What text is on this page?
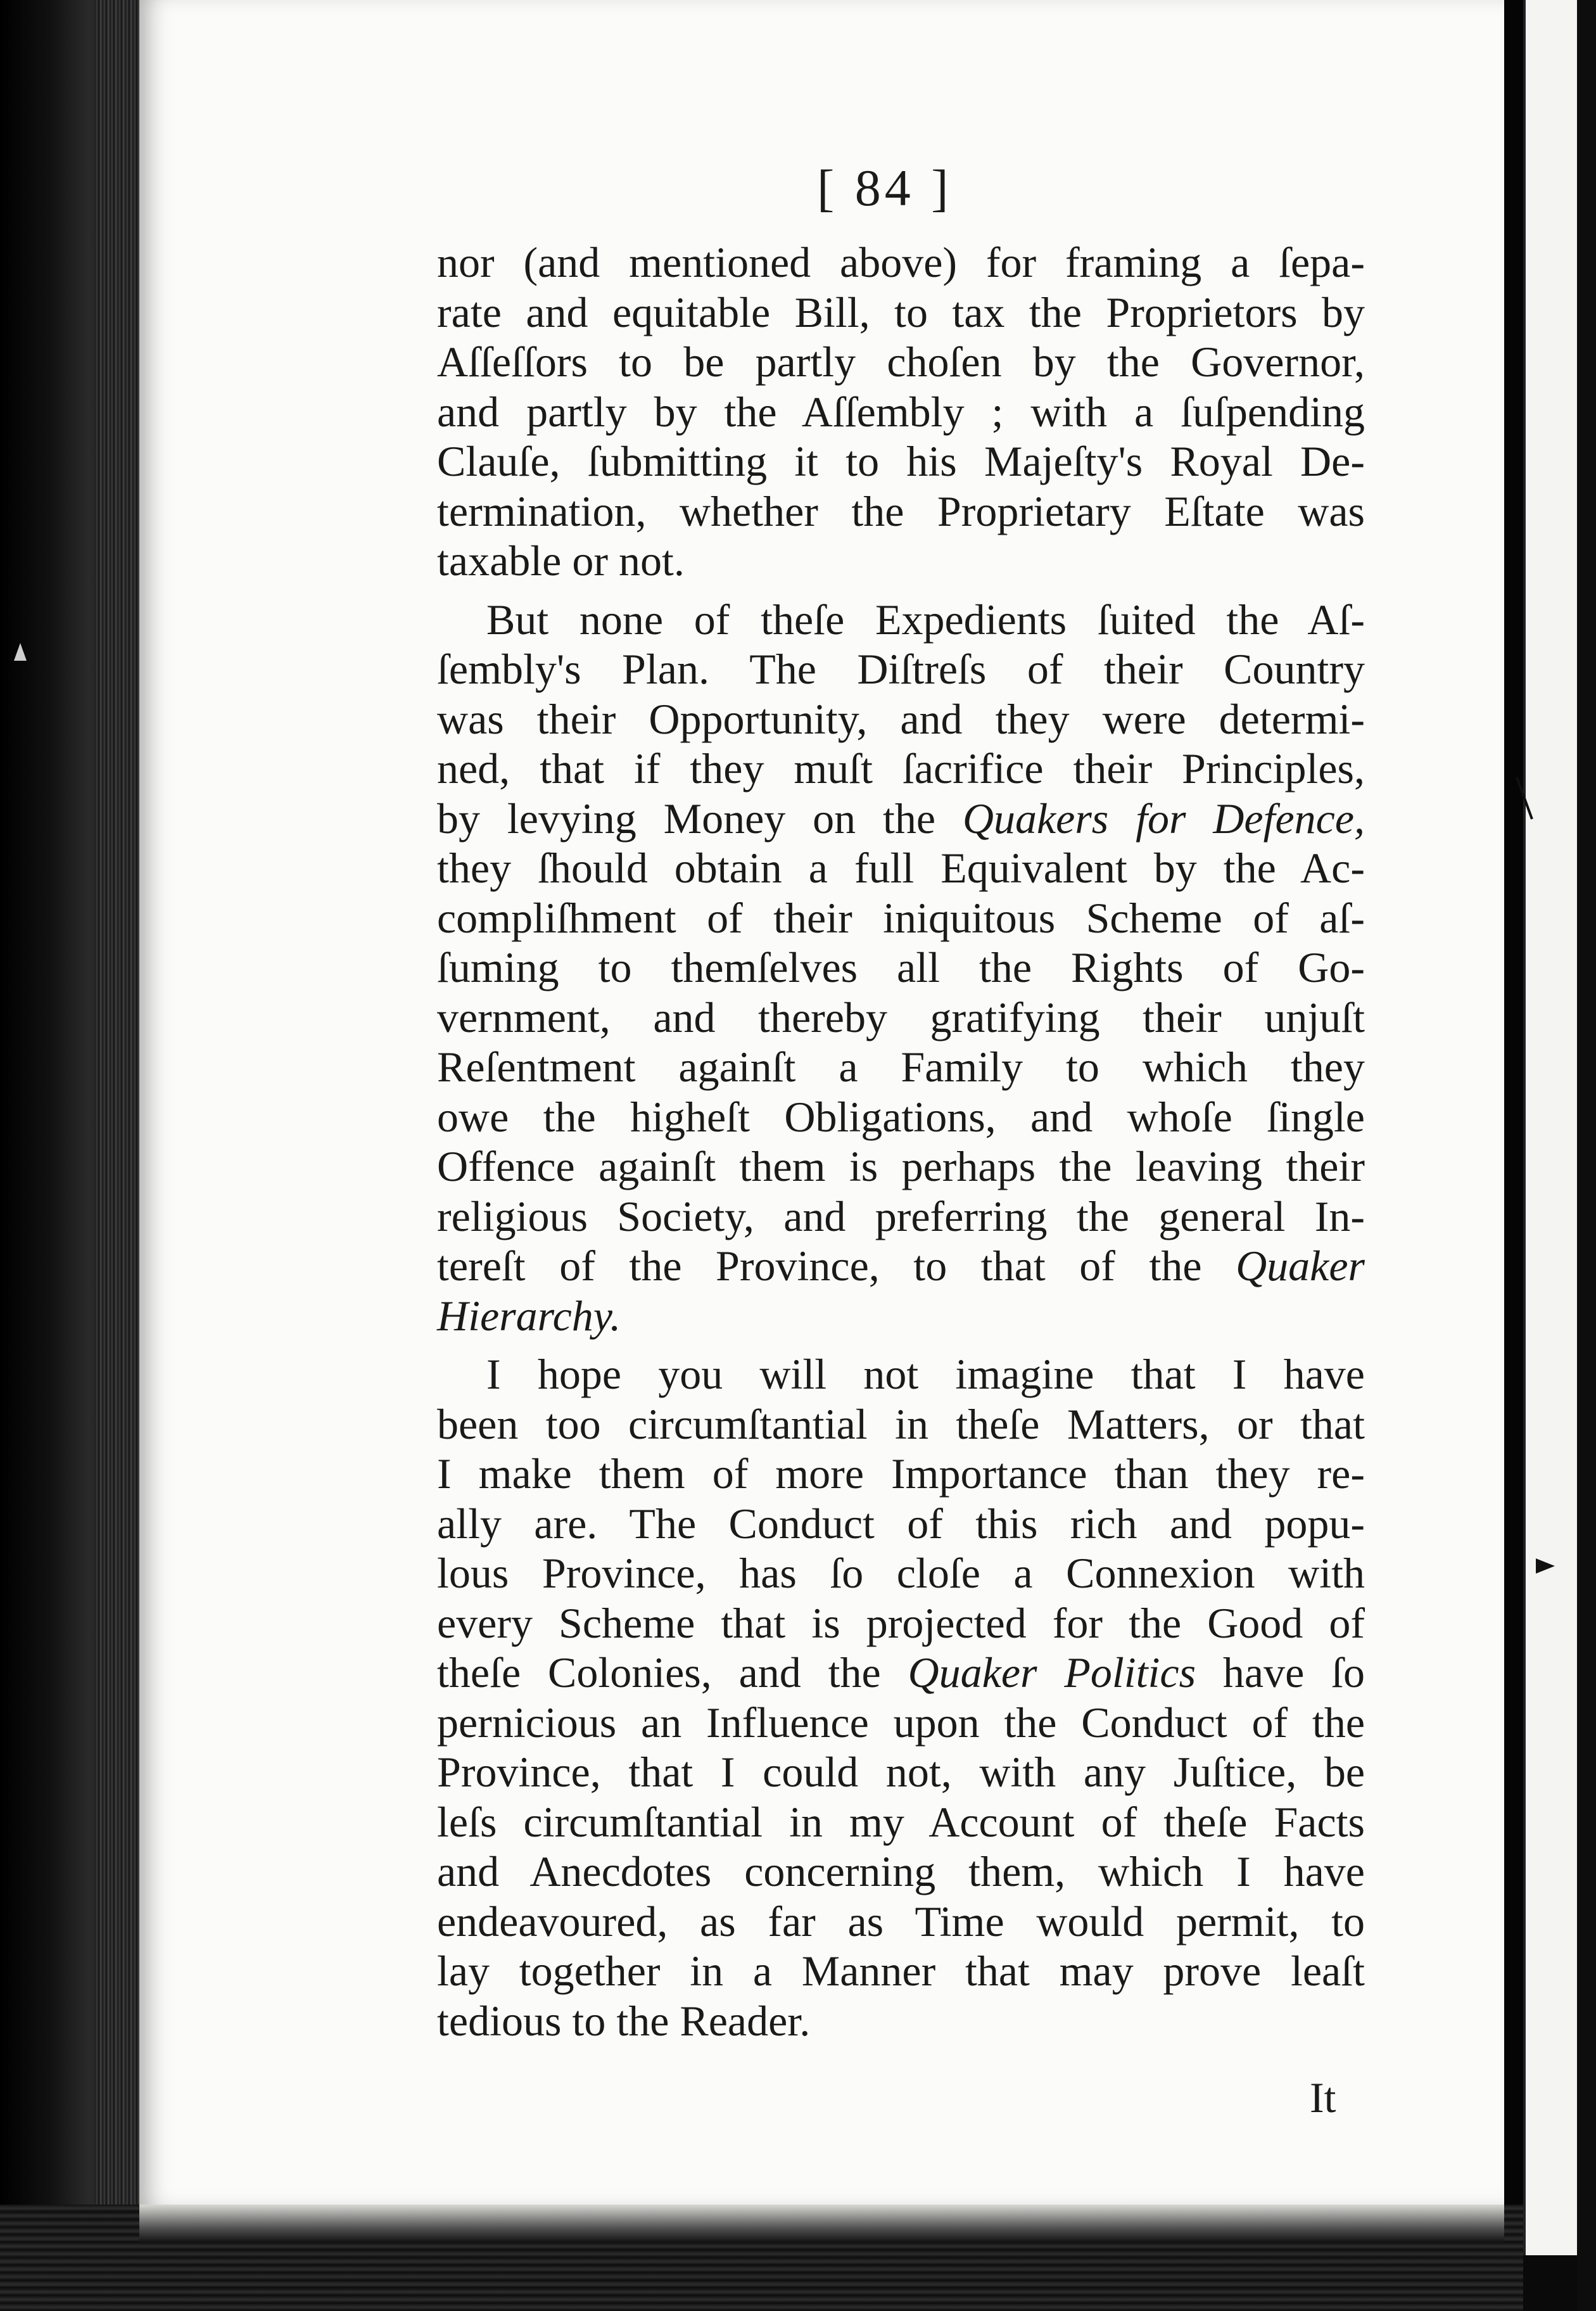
[ 84 ]
nor (and mentioned above) for framing a ſepa-
rate and equitable Bill, to tax the Proprietors by
Aſſeſſors to be partly choſen by the Governor,
and partly by the Aſſembly ; with a ſuſpending
Clauſe, ſubmitting it to his Majeſty's Royal De-
termination, whether the Proprietary Eſtate was
taxable or not.
But none of theſe Expedients ſuited the Aſ-
ſembly's Plan. The Diſtreſs of their Country
was their Opportunity, and they were determi-
ned, that if they muſt ſacrifice their Principles,
by levying Money on the Quakers for Defence,
they ſhould obtain a full Equivalent by the Ac-
compliſhment of their iniquitous Scheme of aſ-
ſuming to themſelves all the Rights of Go-
vernment, and thereby gratifying their unjuſt
Reſentment againſt a Family to which they
owe the higheſt Obligations, and whoſe ſingle
Offence againſt them is perhaps the leaving their
religious Society, and preferring the general In-
tereſt of the Province, to that of the Quaker
Hierarchy.
I hope you will not imagine that I have
been too circumſtantial in theſe Matters, or that
I make them of more Importance than they re-
ally are. The Conduct of this rich and popu-
lous Province, has ſo cloſe a Connexion with
every Scheme that is projected for the Good of
theſe Colonies, and the Quaker Politics have ſo
pernicious an Influence upon the Conduct of the
Province, that I could not, with any Juſtice, be
leſs circumſtantial in my Account of theſe Facts
and Anecdotes concerning them, which I have
endeavoured, as far as Time would permit, to
lay together in a Manner that may prove leaſt
tedious to the Reader.
It
